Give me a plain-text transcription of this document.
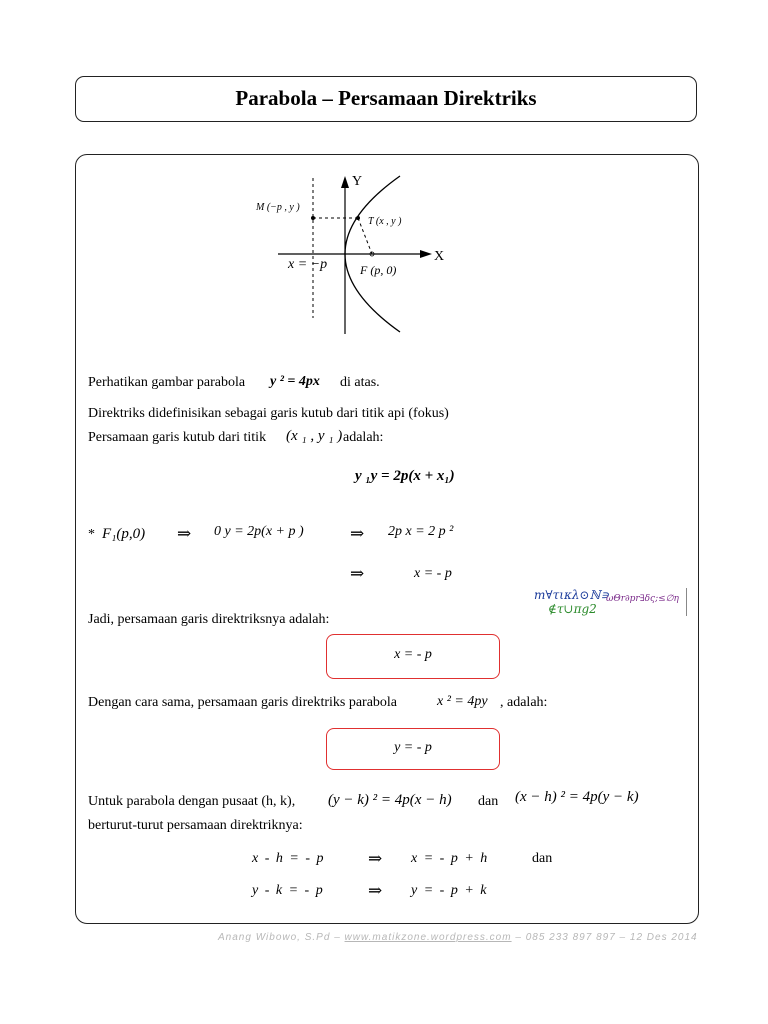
Parabola – Persamaan Direktriks
Y
X
M (−p , y )
T (x , y )
x = −p	F (p, 0)
Perhatikan gambar parabola y ² = 4px di atas.
Direktriks didefinisikan sebagai garis kutub dari titik api (fokus)
Persamaan garis kutub dari titik (x ₁ , y ₁ ) adalah:
y ₁y = 2p(x + x₁)
* F₁(p,0) ⇒ 0 y = 2p(x + p )	⇒ 2p x = 2 p ²
⇒	x = - p
m∀τικλ⊙ℕ∍
∉τ∪πg2
ωΘr∂pr∃δς;≤∅η
Jadi, persamaan garis direktriksnya adalah:
x = - p
Dengan cara sama, persamaan garis direktriks parabola	x ² = 4py , adalah:
y = - p
Untuk parabola dengan pusaat (h, k), (y − k) ² = 4p(x − h) dan (x − h) ² = 4p(y − k)
berturut-turut persamaan direktriknya:
x - h = - p	⇒ x = - p + h	dan
y - k = - p	⇒ y = - p + k
Anang Wibowo, S.Pd – www.matikzone.wordpress.com – 085 233 897 897 – 12 Des 2014
